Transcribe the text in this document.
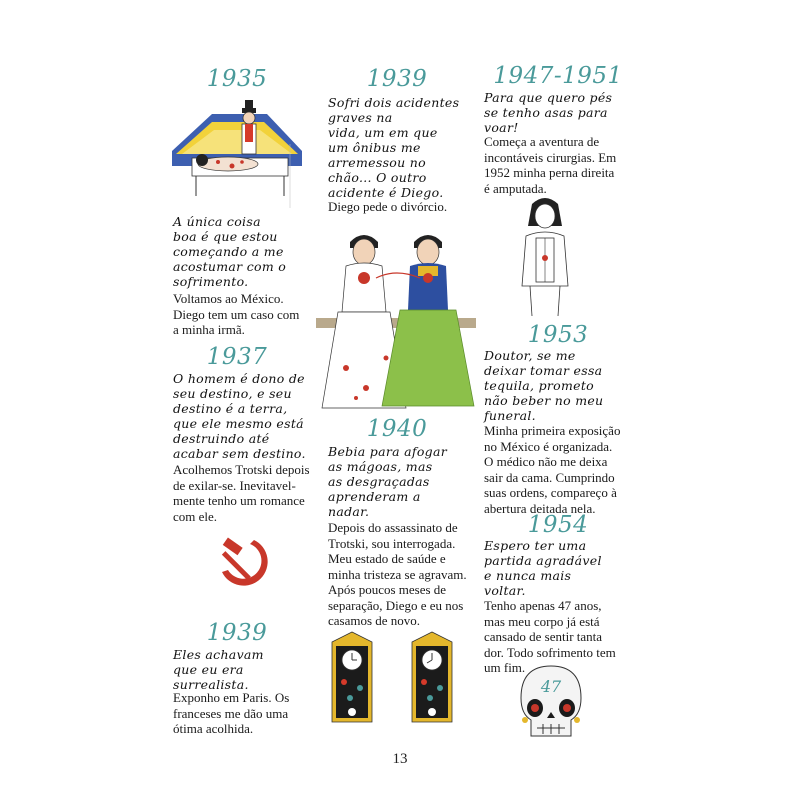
1935
A única coisa
boa é que estou
começando a me
acostumar com o
sofrimento.
Voltamos ao México.
Diego tem um caso com
a minha irmã.
1937
O homem é dono de
seu destino, e seu
destino é a terra,
que ele mesmo está
destruindo até
acabar sem destino.
Acolhemos Trotski depois
de exilar-se. Inevitavel-
mente tenho um romance
com ele.
1939
Eles achavam
que eu era
surrealista.
Exponho em Paris. Os
franceses me dão uma
ótima acolhida.
1939
Sofri dois acidentes
graves na
vida, um em que
um ônibus me
arremessou no
chão... O outro
acidente é Diego.
Diego pede o divórcio.
1940
Bebia para afogar
as mágoas, mas
as desgraçadas
aprenderam a
nadar.
Depois do assassinato de
Trotski, sou interrogada.
Meu estado de saúde e
minha tristeza se agravam.
Após poucos meses de
separação, Diego e eu nos
casamos de novo.
1947-1951
Para que quero pés
se tenho asas para
voar!
Começa a aventura de
incontáveis cirurgias. Em
1952 minha perna direita
é amputada.
1953
Doutor, se me
deixar tomar essa
tequila, prometo
não beber no meu
funeral.
Minha primeira exposição
no México é organizada.
O médico não me deixa
sair da cama. Cumprindo
suas ordens, compareço à
abertura deitada nela.
1954
Espero ter uma
partida agradável
e nunca mais
voltar.
Tenho apenas 47 anos,
mas meu corpo já está
cansado de sentir tanta
dor. Todo sofrimento tem
um fim.
47
13
